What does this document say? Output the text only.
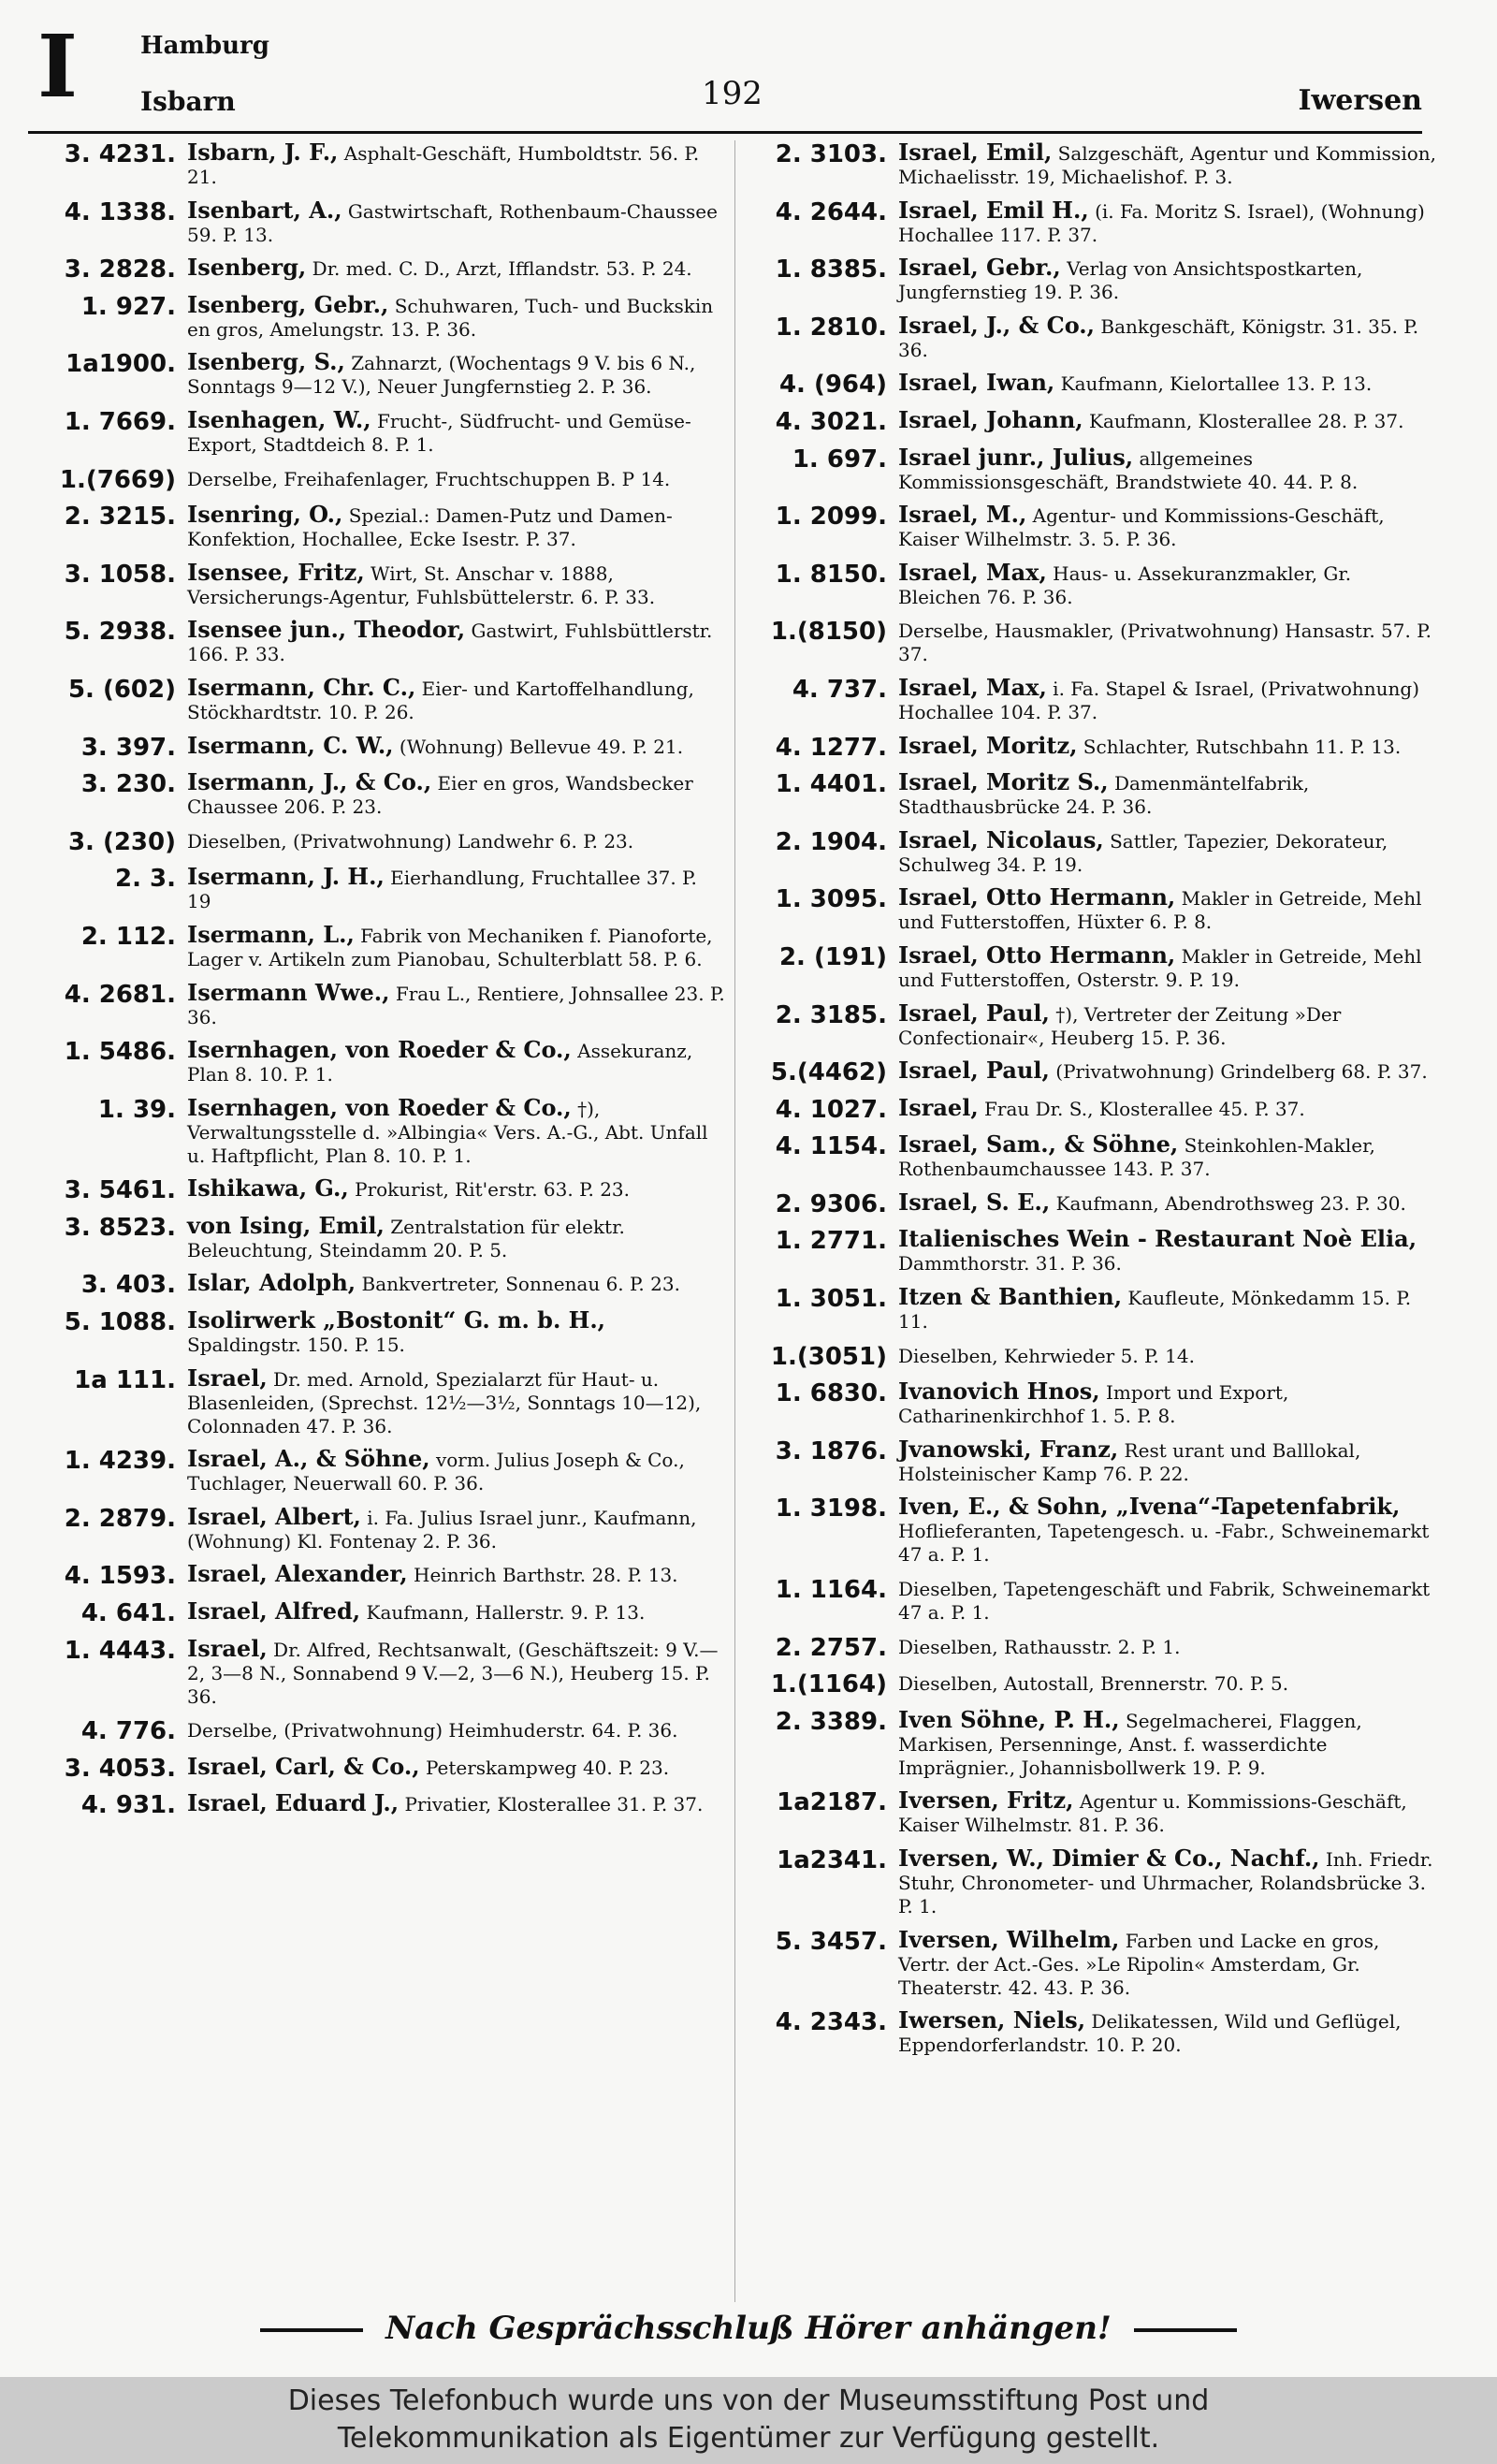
I	Hamburg
Isbarn	192	Iwersen
3. 4231. Isbarn, J. F., Asphalt-Geschäft, Humboldtstr. 56. P. 21.
4. 1338. Isenbart, A., Gastwirtschaft, Rothenbaum-Chaussee 59. P. 13.
3. 2828. Isenberg, Dr. med. C. D., Arzt, Ifflandstr. 53. P. 24.
1. 927. Isenberg, Gebr., Schuhwaren, Tuch- und Buckskin en gros, Amelungstr. 13. P. 36.
1a1900. Isenberg, S., Zahnarzt, (Wochentags 9 V. bis 6 N., Sonntags 9—12 V.), Neuer Jungfernstieg 2. P. 36.
1. 7669. Isenhagen, W., Frucht-, Südfrucht- und Gemüse-Export, Stadtdeich 8. P. 1.
1.(7669) Derselbe, Freihafenlager, Fruchtschuppen B. P 14.
2. 3215. Isenring, O., Spezial.: Damen-Putz und Damen-Konfektion, Hochallee, Ecke Isestr. P. 37.
3. 1058. Isensee, Fritz, Wirt, St. Anschar v. 1888, Versicherungs-Agentur, Fuhlsbüttelerstr. 6. P. 33.
5. 2938. Isensee jun., Theodor, Gastwirt, Fuhlsbüttlerstr. 166. P. 33.
5. (602) Isermann, Chr. C., Eier- und Kartoffelhandlung, Stöckhardtstr. 10. P. 26.
3. 397. Isermann, C. W., (Wohnung) Bellevue 49. P. 21.
3. 230. Isermann, J., & Co., Eier en gros, Wandsbecker Chaussee 206. P. 23.
3. (230) Dieselben, (Privatwohnung) Landwehr 6. P. 23.
2. 3. Isermann, J. H., Eierhandlung, Fruchtallee 37. P. 19
2. 112. Isermann, L., Fabrik von Mechaniken f. Pianoforte, Lager v. Artikeln zum Pianobau, Schulterblatt 58. P. 6.
4. 2681. Isermann Wwe., Frau L., Rentiere, Johnsallee 23. P. 36.
1. 5486. Isernhagen, von Roeder & Co., Assekuranz, Plan 8. 10. P. 1.
1. 39. Isernhagen, von Roeder & Co., †), Verwaltungsstelle d. »Albingia« Vers. A.-G., Abt. Unfall u. Haftpflicht, Plan 8. 10. P. 1.
3. 5461. Ishikawa, G., Prokurist, Rit'erstr. 63. P. 23.
3. 8523. von Ising, Emil, Zentralstation für elektr. Beleuchtung, Steindamm 20. P. 5.
3. 403. Islar, Adolph, Bankvertreter, Sonnenau 6. P. 23.
5. 1088. Isolirwerk „Bostonit“ G. m. b. H., Spaldingstr. 150. P. 15.
1a 111. Israel, Dr. med. Arnold, Spezialarzt für Haut- u. Blasenleiden, (Sprechst. 12½—3½, Sonntags 10—12), Colonnaden 47. P. 36.
1. 4239. Israel, A., & Söhne, vorm. Julius Joseph & Co., Tuchlager, Neuerwall 60. P. 36.
2. 2879. Israel, Albert, i. Fa. Julius Israel junr., Kaufmann, (Wohnung) Kl. Fontenay 2. P. 36.
4. 1593. Israel, Alexander, Heinrich Barthstr. 28. P. 13.
4. 641. Israel, Alfred, Kaufmann, Hallerstr. 9. P. 13.
1. 4443. Israel, Dr. Alfred, Rechtsanwalt, (Geschäftszeit: 9 V.—2, 3—8 N., Sonnabend 9 V.—2, 3—6 N.), Heuberg 15. P. 36.
4. 776. Derselbe, (Privatwohnung) Heimhuderstr. 64. P. 36.
3. 4053. Israel, Carl, & Co., Peterskampweg 40. P. 23.
4. 931. Israel, Eduard J., Privatier, Klosterallee 31. P. 37.
2. 3103. Israel, Emil, Salzgeschäft, Agentur und Kommission, Michaelisstr. 19, Michaelishof. P. 3.
4. 2644. Israel, Emil H., (i. Fa. Moritz S. Israel), (Wohnung) Hochallee 117. P. 37.
1. 8385. Israel, Gebr., Verlag von Ansichtspostkarten, Jungfernstieg 19. P. 36.
1. 2810. Israel, J., & Co., Bankgeschäft, Königstr. 31. 35. P. 36.
4. (964) Israel, Iwan, Kaufmann, Kielortallee 13. P. 13.
4. 3021. Israel, Johann, Kaufmann, Klosterallee 28. P. 37.
1. 697. Israel junr., Julius, allgemeines Kommissionsgeschäft, Brandstwiete 40. 44. P. 8.
1. 2099. Israel, M., Agentur- und Kommissions-Geschäft, Kaiser Wilhelmstr. 3. 5. P. 36.
1. 8150. Israel, Max, Haus- u. Assekuranzmakler, Gr. Bleichen 76. P. 36.
1.(8150) Derselbe, Hausmakler, (Privatwohnung) Hansastr. 57. P. 37.
4. 737. Israel, Max, i. Fa. Stapel & Israel, (Privatwohnung) Hochallee 104. P. 37.
4. 1277. Israel, Moritz, Schlachter, Rutschbahn 11. P. 13.
1. 4401. Israel, Moritz S., Damenmäntelfabrik, Stadthausbrücke 24. P. 36.
2. 1904. Israel, Nicolaus, Sattler, Tapezier, Dekorateur, Schulweg 34. P. 19.
1. 3095. Israel, Otto Hermann, Makler in Getreide, Mehl und Futterstoffen, Hüxter 6. P. 8.
2. (191) Israel, Otto Hermann, Makler in Getreide, Mehl und Futterstoffen, Osterstr. 9. P. 19.
2. 3185. Israel, Paul, †), Vertreter der Zeitung »Der Confectionair«, Heuberg 15. P. 36.
5.(4462) Israel, Paul, (Privatwohnung) Grindelberg 68. P. 37.
4. 1027. Israel, Frau Dr. S., Klosterallee 45. P. 37.
4. 1154. Israel, Sam., & Söhne, Steinkohlen-Makler, Rothenbaumchaussee 143. P. 37.
2. 9306. Israel, S. E., Kaufmann, Abendrothsweg 23. P. 30.
1. 2771. Italienisches Wein - Restaurant Noè Elia, Dammthorstr. 31. P. 36.
1. 3051. Itzen & Banthien, Kaufleute, Mönkedamm 15. P. 11.
1.(3051) Dieselben, Kehrwieder 5. P. 14.
1. 6830. Ivanovich Hnos, Import und Export, Catharinenkirchhof 1. 5. P. 8.
3. 1876. Jvanowski, Franz, Rest urant und Balllokal, Holsteinischer Kamp 76. P. 22.
1. 3198. Iven, E., & Sohn, „Ivena“-Tapetenfabrik, Hoflieferanten, Tapetengesch. u. -Fabr., Schweinemarkt 47 a. P. 1.
1. 1164. Dieselben, Tapetengeschäft und Fabrik, Schweinemarkt 47 a. P. 1.
2. 2757. Dieselben, Rathausstr. 2. P. 1.
1.(1164) Dieselben, Autostall, Brennerstr. 70. P. 5.
2. 3389. Iven Söhne, P. H., Segelmacherei, Flaggen, Markisen, Persenninge, Anst. f. wasserdichte Imprägnier., Johannisbollwerk 19. P. 9.
1a2187. Iversen, Fritz, Agentur u. Kommissions-Geschäft, Kaiser Wilhelmstr. 81. P. 36.
1a2341. Iversen, W., Dimier & Co., Nachf., Inh. Friedr. Stuhr, Chronometer- und Uhrmacher, Rolandsbrücke 3. P. 1.
5. 3457. Iversen, Wilhelm, Farben und Lacke en gros, Vertr. der Act.-Ges. »Le Ripolin« Amsterdam, Gr. Theaterstr. 42. 43. P. 36.
4. 2343. Iwersen, Niels, Delikatessen, Wild und Geflügel, Eppendorferlandstr. 10. P. 20.
Nach Gesprächsschluß Hörer anhängen!
Dieses Telefonbuch wurde uns von der Museumsstiftung Post und
Telekommunikation als Eigentümer zur Verfügung gestellt.
